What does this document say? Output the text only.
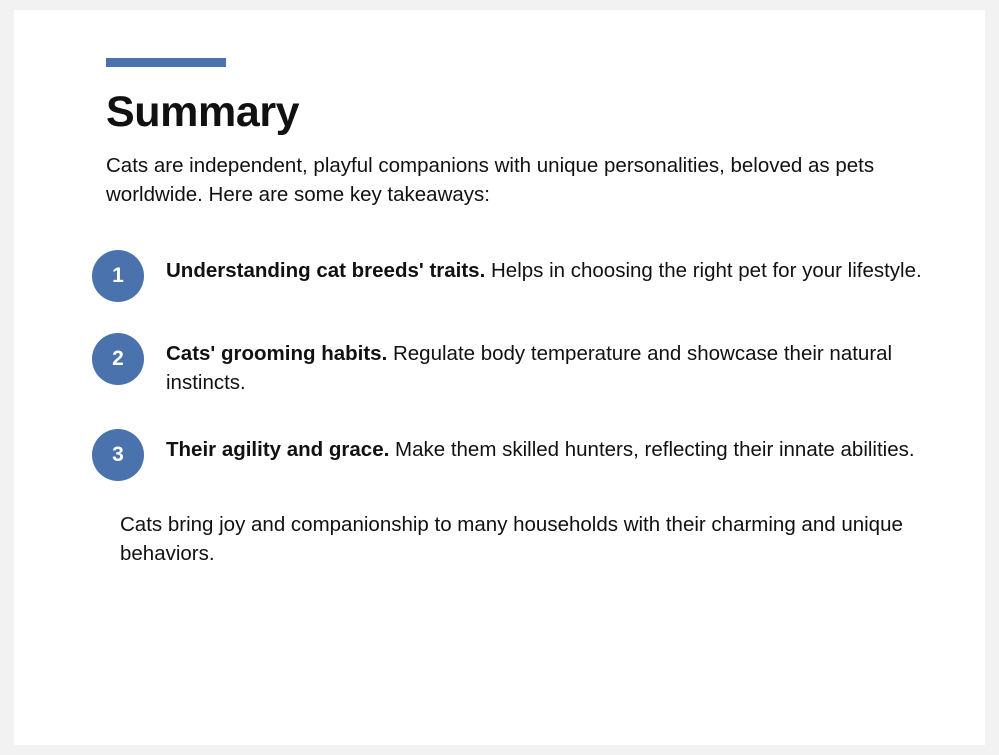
Summary

Cats are independent, playful companions with unique personalities, beloved as pets worldwide. Here are some key takeaways:

1	Understanding cat breeds' traits. Helps in choosing the right pet for your lifestyle.
2	Cats' grooming habits. Regulate body temperature and showcase their natural instincts.
3	Their agility and grace. Make them skilled hunters, reflecting their innate abilities.

Cats bring joy and companionship to many households with their charming and unique behaviors.
